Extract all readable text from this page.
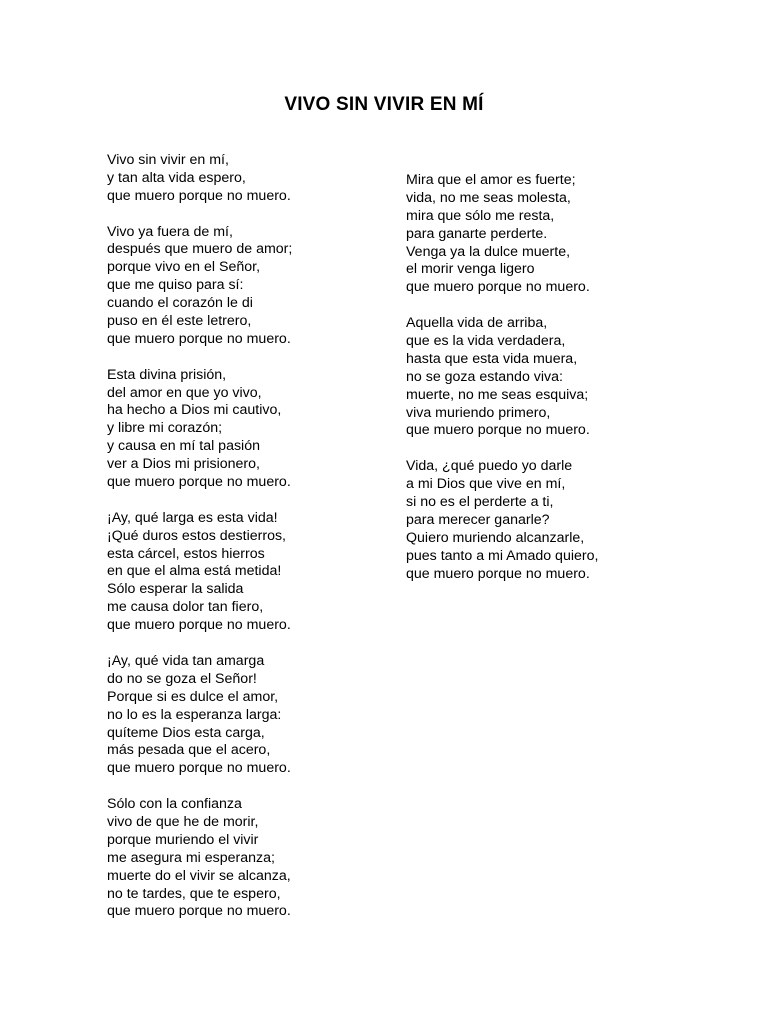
VIVO SIN VIVIR EN MÍ
Vivo sin vivir en mí,
y tan alta vida espero,
que muero porque no muero.
Vivo ya fuera de mí,
después que muero de amor;
porque vivo en el Señor,
que me quiso para sí:
cuando el corazón le di
puso en él este letrero,
que muero porque no muero.
Esta divina prisión,
del amor en que yo vivo,
ha hecho a Dios mi cautivo,
y libre mi corazón;
y causa en mí tal pasión
ver a Dios mi prisionero,
que muero porque no muero.
¡Ay, qué larga es esta vida!
¡Qué duros estos destierros,
esta cárcel, estos hierros
en que el alma está metida!
Sólo esperar la salida
me causa dolor tan fiero,
que muero porque no muero.
¡Ay, qué vida tan amarga
do no se goza el Señor!
Porque si es dulce el amor,
no lo es la esperanza larga:
quíteme Dios esta carga,
más pesada que el acero,
que muero porque no muero.
Sólo con la confianza
vivo de que he de morir,
porque muriendo el vivir
me asegura mi esperanza;
muerte do el vivir se alcanza,
no te tardes, que te espero,
que muero porque no muero.
Mira que el amor es fuerte;
vida, no me seas molesta,
mira que sólo me resta,
para ganarte perderte.
Venga ya la dulce muerte,
el morir venga ligero
que muero porque no muero.
Aquella vida de arriba,
que es la vida verdadera,
hasta que esta vida muera,
no se goza estando viva:
muerte, no me seas esquiva;
viva muriendo primero,
que muero porque no muero.
Vida, ¿qué puedo yo darle
a mi Dios que vive en mí,
si no es el perderte a ti,
para merecer ganarle?
Quiero muriendo alcanzarle,
pues tanto a mi Amado quiero,
que muero porque no muero.
